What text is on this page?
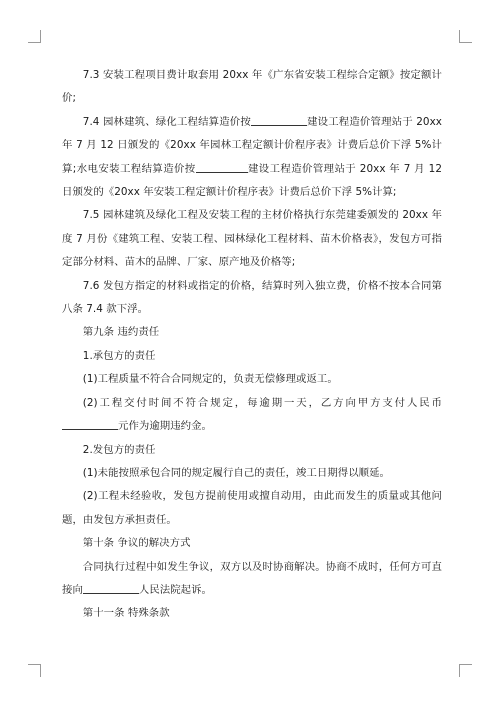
7.3 安装工程项目费计取套用 20xx 年《广东省安装工程综合定额》按定额计价;

7.4 园林建筑、绿化工程结算造价按	建设工程造价管理站于 20xx 年 7 月 12 日颁发的《20xx 年园林工程定额计价程序表》计费后总价下浮 5%计算;水电安装工程结算造价按	建设工程造价管理站于 20xx 年 7 月 12 日颁发的《20xx 年安装工程定额计价程序表》计费后总价下浮 5%计算;

7.5 园林建筑及绿化工程及安装工程的主材价格执行东莞建委颁发的 20xx 年度 7 月份《建筑工程、安装工程、园林绿化工程材料、苗木价格表》，发包方可指定部分材料、苗木的品牌、厂家、原产地及价格等;

7.6 发包方指定的材料或指定的价格，结算时列入独立费，价格不按本合同第八条 7.4 款下浮。

第九条 违约责任

1.承包方的责任

(1)工程质量不符合合同规定的，负责无偿修理或返工。

(2)工程交付时间不符合规定，每逾期一天，乙方向甲方支付人民币元作为逾期违约金。

2.发包方的责任

(1)未能按照承包合同的规定履行自己的责任，竣工日期得以顺延。

(2)工程未经验收，发包方提前使用或擅自动用，由此而发生的质量或其他问题，由发包方承担责任。

第十条 争议的解决方式

合同执行过程中如发生争议，双方以及时协商解决。协商不成时，任何方可直接向	人民法院起诉。

第十一条 特殊条款
